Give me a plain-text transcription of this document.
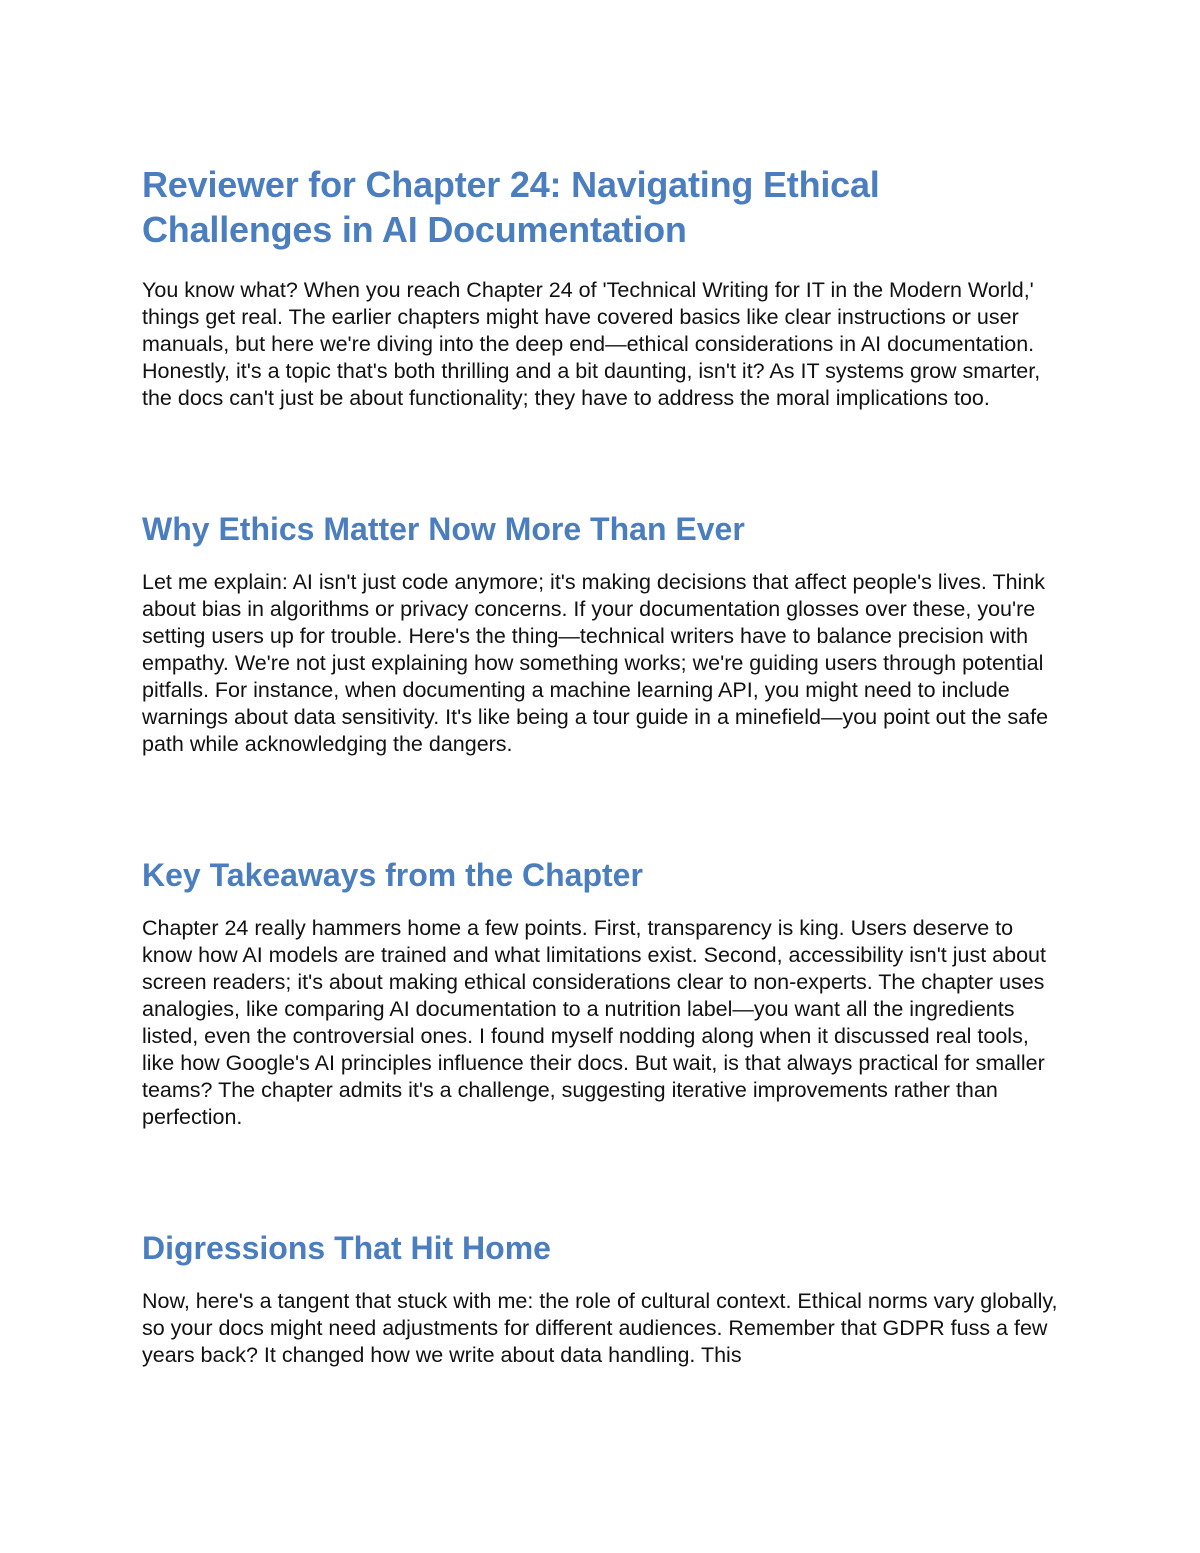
Reviewer for Chapter 24: Navigating Ethical Challenges in AI Documentation

You know what? When you reach Chapter 24 of 'Technical Writing for IT in the Modern World,' things get real. The earlier chapters might have covered basics like clear instructions or user manuals, but here we're diving into the deep end—ethical considerations in AI documentation. Honestly, it's a topic that's both thrilling and a bit daunting, isn't it? As IT systems grow smarter, the docs can't just be about functionality; they have to address the moral implications too.

Why Ethics Matter Now More Than Ever

Let me explain: AI isn't just code anymore; it's making decisions that affect people's lives. Think about bias in algorithms or privacy concerns. If your documentation glosses over these, you're setting users up for trouble. Here's the thing—technical writers have to balance precision with empathy. We're not just explaining how something works; we're guiding users through potential pitfalls. For instance, when documenting a machine learning API, you might need to include warnings about data sensitivity. It's like being a tour guide in a minefield—you point out the safe path while acknowledging the dangers.

Key Takeaways from the Chapter

Chapter 24 really hammers home a few points. First, transparency is king. Users deserve to know how AI models are trained and what limitations exist. Second, accessibility isn't just about screen readers; it's about making ethical considerations clear to non-experts. The chapter uses analogies, like comparing AI documentation to a nutrition label—you want all the ingredients listed, even the controversial ones. I found myself nodding along when it discussed real tools, like how Google's AI principles influence their docs. But wait, is that always practical for smaller teams? The chapter admits it's a challenge, suggesting iterative improvements rather than perfection.

Digressions That Hit Home

Now, here's a tangent that stuck with me: the role of cultural context. Ethical norms vary globally, so your docs might need adjustments for different audiences. Remember that GDPR fuss a few years back? It changed how we write about data handling. This
